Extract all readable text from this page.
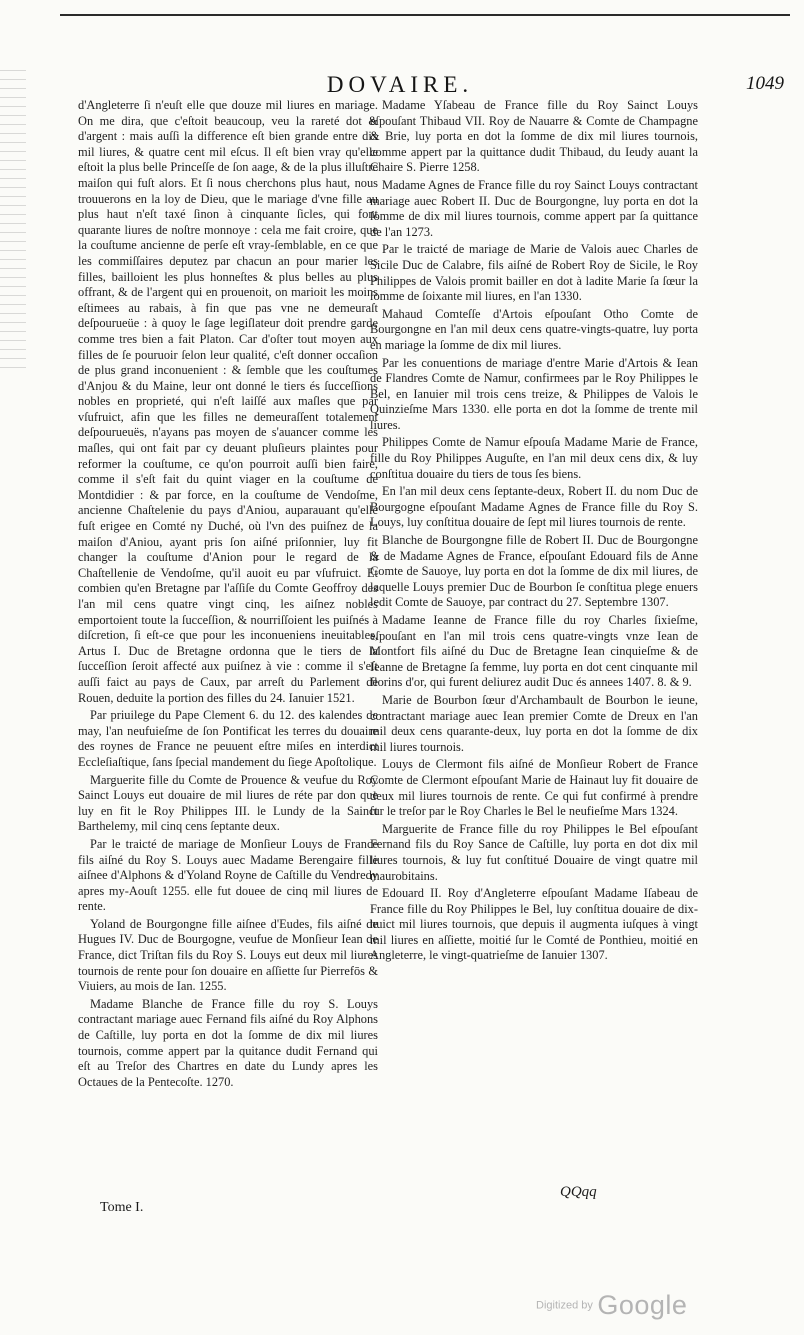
DOVAIRE.	1049

d'Angleterre ſi n'euſt elle que douze mil liures en mariage. On me dira, que c'eſtoit beaucoup, veu la rareté dot & d'argent : mais auſſi la difference eſt bien grande entre dix mil liures, & quatre cent mil eſcus. Il eſt bien vray qu'elle eſtoit la plus belle Princeſſe de ſon aage, & de la plus illuſtre maiſon qui fuſt alors. Et ſi nous cherchons plus haut, nous trouuerons en la loy de Dieu, que le mariage d'vne fille au plus haut n'eſt taxé ſinon à cinquante ſicles, qui font quarante liures de noſtre monnoye : cela me fait croire, que la couſtume ancienne de perſe eſt vray-ſemblable, en ce que les commiſſaires deputez par chacun an pour marier les filles, bailloient les plus honneſtes & plus belles au plus offrant, & de l'argent qui en prouenoit, on marioit les moins eſtimees au rabais, à fin que pas vne ne demeuraſt deſpourueüe : à quoy le ſage legiſlateur doit prendre garde comme tres bien a fait Platon. Car d'oſter tout moyen aux filles de ſe pouruoir ſelon leur qualité, c'eſt donner occaſion de plus grand inconuenient : & ſemble que les couſtumes d'Anjou & du Maine, leur ont donné le tiers és ſucceſſions nobles en proprieté, qui n'eſt laiſſé aux maſles que par vſufruict, afin que les filles ne demeuraſſent totalement deſpourueuës, n'ayans pas moyen de s'auancer comme les maſles, qui ont fait par cy deuant pluſieurs plaintes pour reformer la couſtume, ce qu'on pourroit auſſi bien faire, comme il s'eſt fait du quint viager en la couſtume de Montdidier : & par force, en la couſtume de Vendoſme, ancienne Chaſtelenie du pays d'Aniou, auparauant qu'elle fuſt erigee en Comté ny Duché, où l'vn des puiſnez de la maiſon d'Aniou, ayant pris ſon aiſné priſonnier, luy fit changer la couſtume d'Anion pour le regard de la Chaſtellenie de Vendoſme, qu'il auoit eu par vſufruict. Et combien qu'en Bretagne par l'aſſiſe du Comte Geoffroy des l'an mil cens quatre vingt cinq, les aiſnez nobles emportoient toute la ſucceſſion, & nourriſſoient les puiſnés à diſcretion, ſi eſt-ce que pour les inconueniens ineuitables, Artus I. Duc de Bretagne ordonna que le tiers de la ſucceſſion ſeroit affecté aux puiſnez à vie : comme il s'eſt auſſi faict au pays de Caux, par arreſt du Parlement de Rouen, deduite la portion des filles du 24. Ianuier 1521.

Par priuilege du Pape Clement 6. du 12. des kalendes de may, l'an neufuieſme de ſon Pontificat les terres du douaire des roynes de France ne peuuent eſtre miſes en interdict Eccleſiaſtique, ſans ſpecial mandement du ſiege Apoſtolique.

Marguerite fille du Comte de Prouence & veufue du Roy Sainct Louys eut douaire de mil liures de réte par don que luy en fit le Roy Philippes III. le Lundy de la Sainct Barthelemy, mil cinq cens ſeptante deux.

Par le traicté de mariage de Monſieur Louys de France fils aiſné du Roy S. Louys auec Madame Berengaire fille aiſnee d'Alphons & d'Yoland Royne de Caſtille du Vendredy apres my-Aouſt 1255. elle fut douee de cinq mil liures de rente.

Yoland de Bourgongne fille aiſnee d'Eudes, fils aiſné de Hugues IV. Duc de Bourgogne, veufue de Monſieur Iean de France, dict Triſtan fils du Roy S. Louys eut deux mil liures tournois de rente pour ſon douaire en aſſiette ſur Pierrefōs & Viuiers, au mois de Ian. 1255.

Madame Blanche de France fille du roy S. Louys contractant mariage auec Fernand fils aiſné du Roy Alphons de Caſtille, luy porta en dot la ſomme de dix mil liures tournois, comme appert par la quitance dudit Fernand qui eſt au Treſor des Chartres en date du Lundy apres les Octaues de la Pentecoſte. 1270.

Madame Yſabeau de France fille du Roy Sainct Louys eſpouſant Thibaud VII. Roy de Nauarre & Comte de Champagne & Brie, luy porta en dot la ſomme de dix mil liures tournois, comme appert par la quittance dudit Thibaud, du Ieudy auant la Chaire S. Pierre 1258.

Madame Agnes de France fille du roy Sainct Louys contractant mariage auec Robert II. Duc de Bourgongne, luy porta en dot la ſomme de dix mil liures tournois, comme appert par ſa quittance de l'an 1273.

Par le traicté de mariage de Marie de Valois auec Charles de Sicile Duc de Calabre, fils aiſné de Robert Roy de Sicile, le Roy Philippes de Valois promit bailler en dot à ladite Marie ſa ſœur la ſomme de ſoixante mil liures, en l'an 1330.

Mahaud Comteſſe d'Artois eſpouſant Otho Comte de Bourgongne en l'an mil deux cens quatre-vingts-quatre, luy porta en mariage la ſomme de dix mil liures.

Par les conuentions de mariage d'entre Marie d'Artois & Iean de Flandres Comte de Namur, confirmees par le Roy Philippes le Bel, en Ianuier mil trois cens treize, & Philippes de Valois le Quinzieſme Mars 1330. elle porta en dot la ſomme de trente mil liures.

Philippes Comte de Namur eſpouſa Madame Marie de France, fille du Roy Philippes Auguſte, en l'an mil deux cens dix, & luy conſtitua douaire du tiers de tous ſes biens.

En l'an mil deux cens ſeptante-deux, Robert II. du nom Duc de Bourgogne eſpouſant Madame Agnes de France fille du Roy S. Louys, luy conſtitua douaire de ſept mil liures tournois de rente.

Blanche de Bourgongne fille de Robert II. Duc de Bourgongne & de Madame Agnes de France, eſpouſant Edouard fils de Anne Comte de Sauoye, luy porta en dot la ſomme de dix mil liures, de laquelle Louys premier Duc de Bourbon ſe conſtitua plege enuers ledit Comte de Sauoye, par contract du 27. Septembre 1307.

Madame Ieanne de France fille du roy Charles ſixieſme, eſpouſant en l'an mil trois cens quatre-vingts vnze Iean de Montfort fils aiſné du Duc de Bretagne Iean cinquieſme & de Ieanne de Bretagne ſa femme, luy porta en dot cent cinquante mil florins d'or, qui furent deliurez audit Duc és annees 1407. 8. & 9.

Marie de Bourbon ſœur d'Archambault de Bourbon le ieune, contractant mariage auec Iean premier Comte de Dreux en l'an mil deux cens quarante-deux, luy porta en dot la ſomme de dix mil liures tournois.

Louys de Clermont fils aiſné de Monſieur Robert de France Comte de Clermont eſpouſant Marie de Hainaut luy fit douaire de deux mil liures tournois de rente. Ce qui fut confirmé à prendre ſur le treſor par le Roy Charles le Bel le neufieſme Mars 1324.

Marguerite de France fille du roy Philippes le Bel eſpouſant Fernand fils du Roy Sance de Caſtille, luy porta en dot dix mil liures tournois, & luy fut conſtitué Douaire de vingt quatre mil maurobitains.

Edouard II. Roy d'Angleterre eſpouſant Madame Iſabeau de France fille du Roy Philippes le Bel, luy conſtitua douaire de dix-huict mil liures tournois, que depuis il augmenta iuſques à vingt mil liures en aſſiette, moitié ſur le Comté de Ponthieu, moitié en Angleterre, le vingt-quatrieſme de Ianuier 1307.

Tome I.
QQqq
Digitized by Google
